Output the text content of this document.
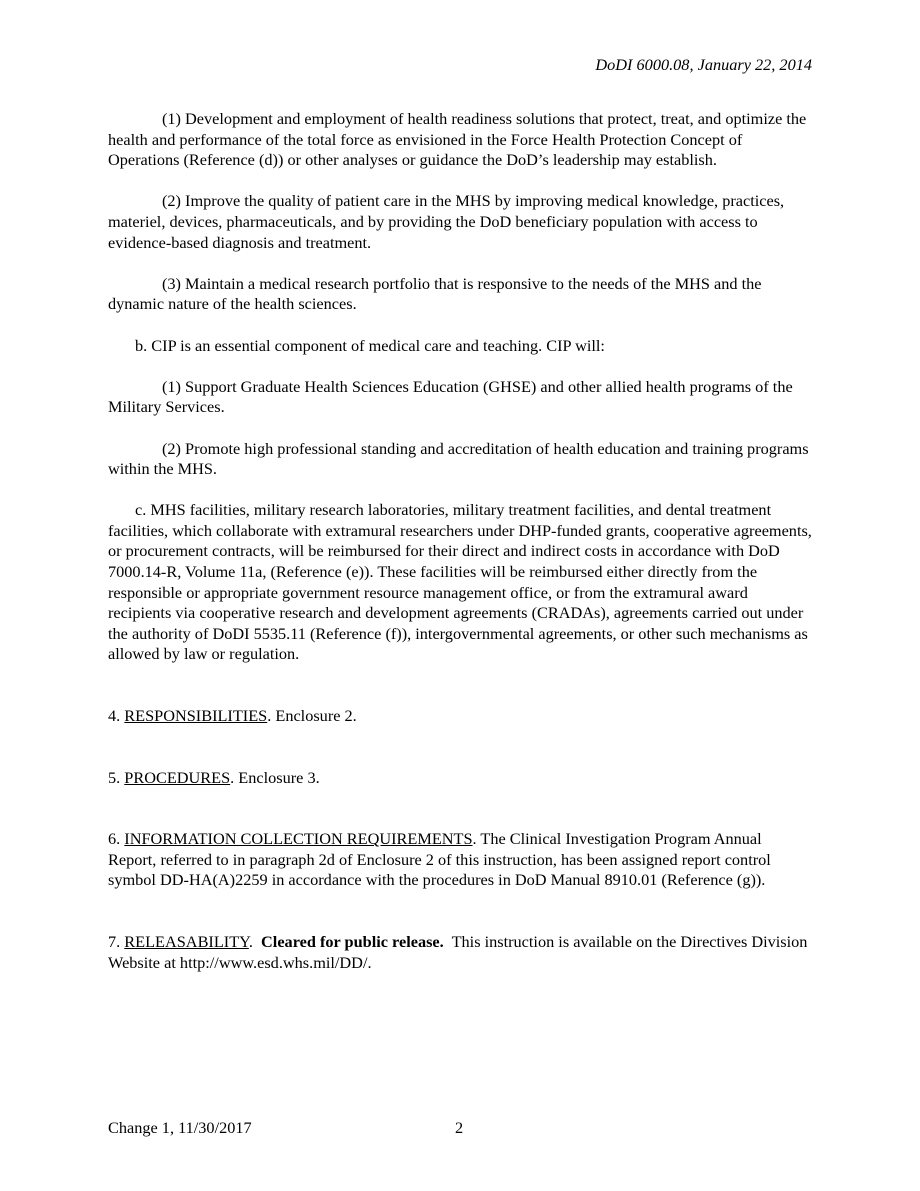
DoDI 6000.08, January 22, 2014

(1) Development and employment of health readiness solutions that protect, treat, and optimize the health and performance of the total force as envisioned in the Force Health Protection Concept of Operations (Reference (d)) or other analyses or guidance the DoD’s leadership may establish.

(2) Improve the quality of patient care in the MHS by improving medical knowledge, practices, materiel, devices, pharmaceuticals, and by providing the DoD beneficiary population with access to evidence-based diagnosis and treatment.

(3) Maintain a medical research portfolio that is responsive to the needs of the MHS and the dynamic nature of the health sciences.

b. CIP is an essential component of medical care and teaching. CIP will:

(1) Support Graduate Health Sciences Education (GHSE) and other allied health programs of the Military Services.

(2) Promote high professional standing and accreditation of health education and training programs within the MHS.

c. MHS facilities, military research laboratories, military treatment facilities, and dental treatment facilities, which collaborate with extramural researchers under DHP-funded grants, cooperative agreements, or procurement contracts, will be reimbursed for their direct and indirect costs in accordance with DoD 7000.14-R, Volume 11a, (Reference (e)). These facilities will be reimbursed either directly from the responsible or appropriate government resource management office, or from the extramural award recipients via cooperative research and development agreements (CRADAs), agreements carried out under the authority of DoDI 5535.11 (Reference (f)), intergovernmental agreements, or other such mechanisms as allowed by law or regulation.

4. RESPONSIBILITIES. Enclosure 2.

5. PROCEDURES. Enclosure 3.

6. INFORMATION COLLECTION REQUIREMENTS. The Clinical Investigation Program Annual Report, referred to in paragraph 2d of Enclosure 2 of this instruction, has been assigned report control symbol DD-HA(A)2259 in accordance with the procedures in DoD Manual 8910.01 (Reference (g)).

7. RELEASABILITY.  Cleared for public release.  This instruction is available on the Directives Division Website at http://www.esd.whs.mil/DD/.

Change 1, 11/30/2017	2
